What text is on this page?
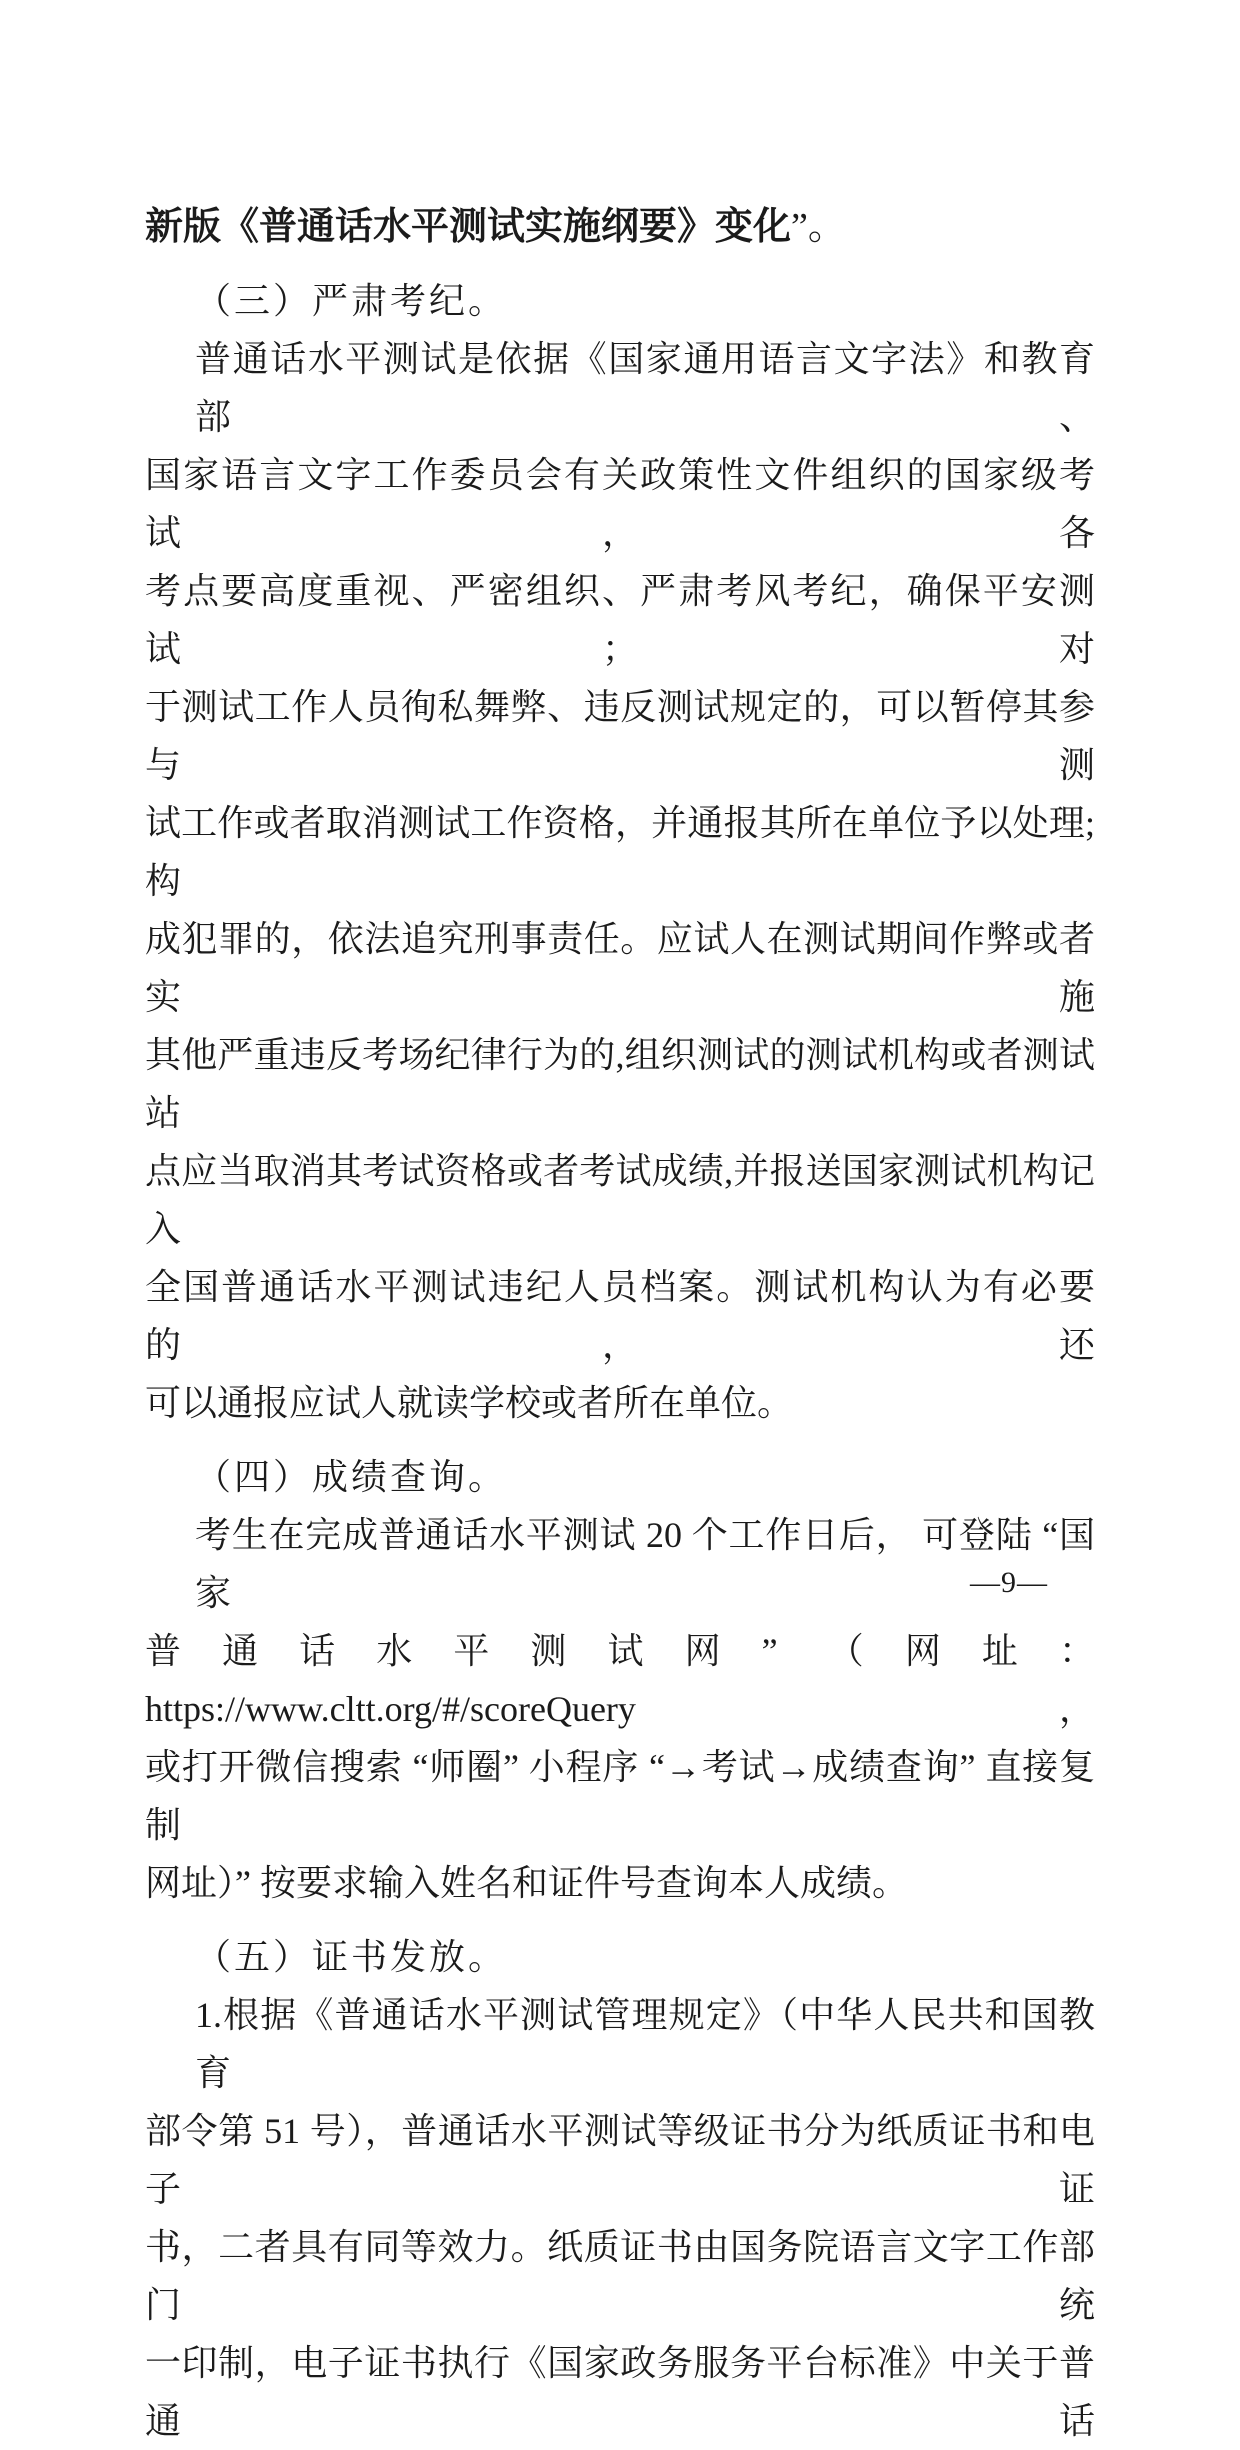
新版《普通话水平测试实施纲要》变化”。
（三）严肃考纪。
普通话水平测试是依据《国家通用语言文字法》和教育部、
国家语言文字工作委员会有关政策性文件组织的国家级考试，各
考点要高度重视、严密组织、严肃考风考纪，确保平安测试；对
于测试工作人员徇私舞弊、违反测试规定的，可以暂停其参与测
试工作或者取消测试工作资格，并通报其所在单位予以处理;构
成犯罪的，依法追究刑事责任。应试人在测试期间作弊或者实施
其他严重违反考场纪律行为的,组织测试的测试机构或者测试站
点应当取消其考试资格或者考试成绩,并报送国家测试机构记入
全国普通话水平测试违纪人员档案。测试机构认为有必要的，还
可以通报应试人就读学校或者所在单位。
（四）成绩查询。
考生在完成普通话水平测试 20 个工作日后， 可登陆 “国家
普通话水平测试网” （网址： https://www.cltt.org/#/scoreQuery，
或打开微信搜索 “师圈” 小程序 “→考试→成绩查询” 直接复制
网址）” 按要求输入姓名和证件号查询本人成绩。
（五）证书发放。
1.根据《普通话水平测试管理规定》（中华人民共和国教育
部令第 51 号），普通话水平测试等级证书分为纸质证书和电子证
书，二者具有同等效力。纸质证书由国务院语言文字工作部门统
一印制，电子证书执行《国家政务服务平台标准》中关于普通话
—9—
